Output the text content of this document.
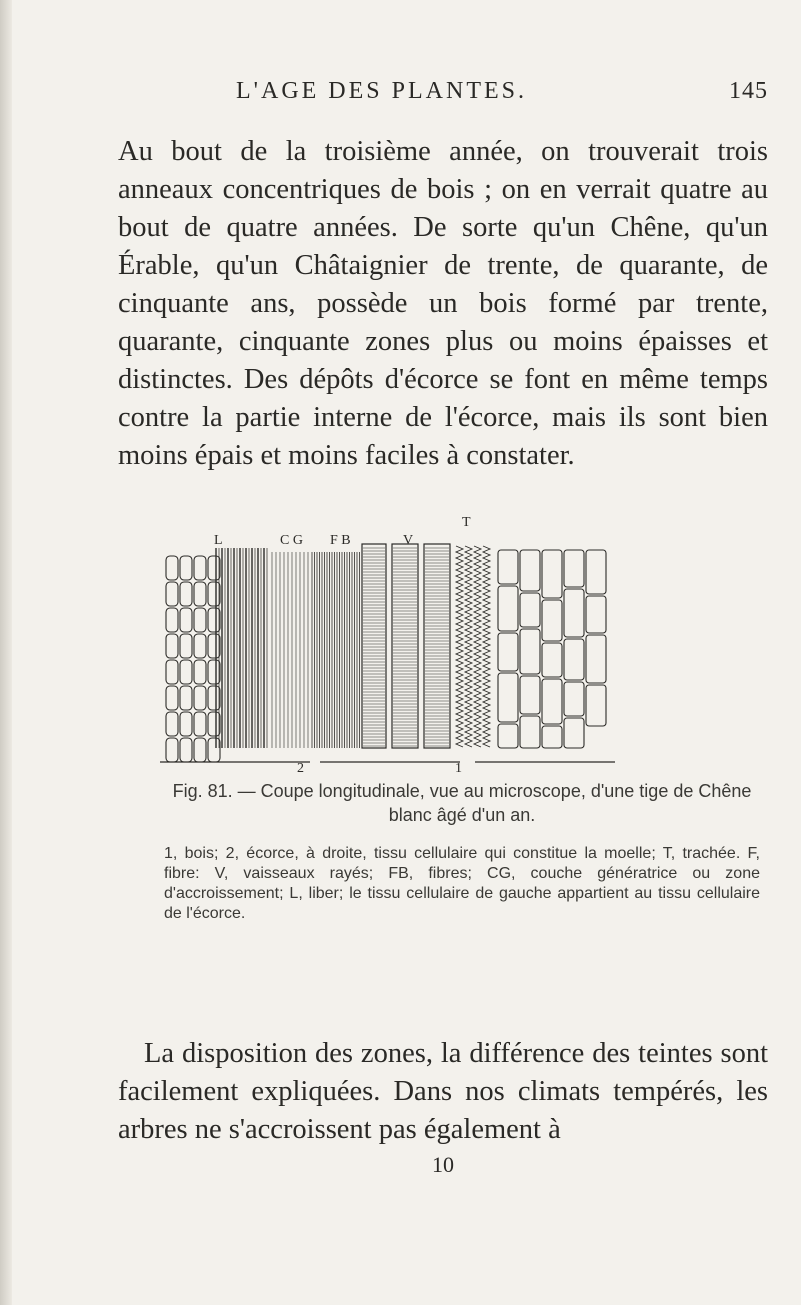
L'AGE DES PLANTES.	145

Au bout de la troisième année, on trouverait trois anneaux concentriques de bois ; on en verrait quatre au bout de quatre années. De sorte qu'un Chêne, qu'un Érable, qu'un Châtaignier de trente, de quarante, de cinquante ans, possède un bois formé par trente, quarante, cinquante zones plus ou moins épaisses et distinctes. Des dépôts d'écorce se font en même temps contre la partie interne de l'écorce, mais ils sont bien moins épais et moins faciles à constater.

L	C G F B	V
T
2	1
Fig. 81. — Coupe longitudinale, vue au microscope, d'une tige de Chêne blanc âgé d'un an.

1, bois; 2, écorce, à droite, tissu cellulaire qui constitue la moelle; T, trachée. F, fibre: V, vaisseaux rayés; FB, fibres; CG, couche génératrice ou zone d'accroissement; L, liber; le tissu cellulaire de gauche appartient au tissu cellulaire de l'écorce.

La disposition des zones, la différence des teintes sont facilement expliquées. Dans nos climats tempérés, les arbres ne s'accroissent pas également à

10
